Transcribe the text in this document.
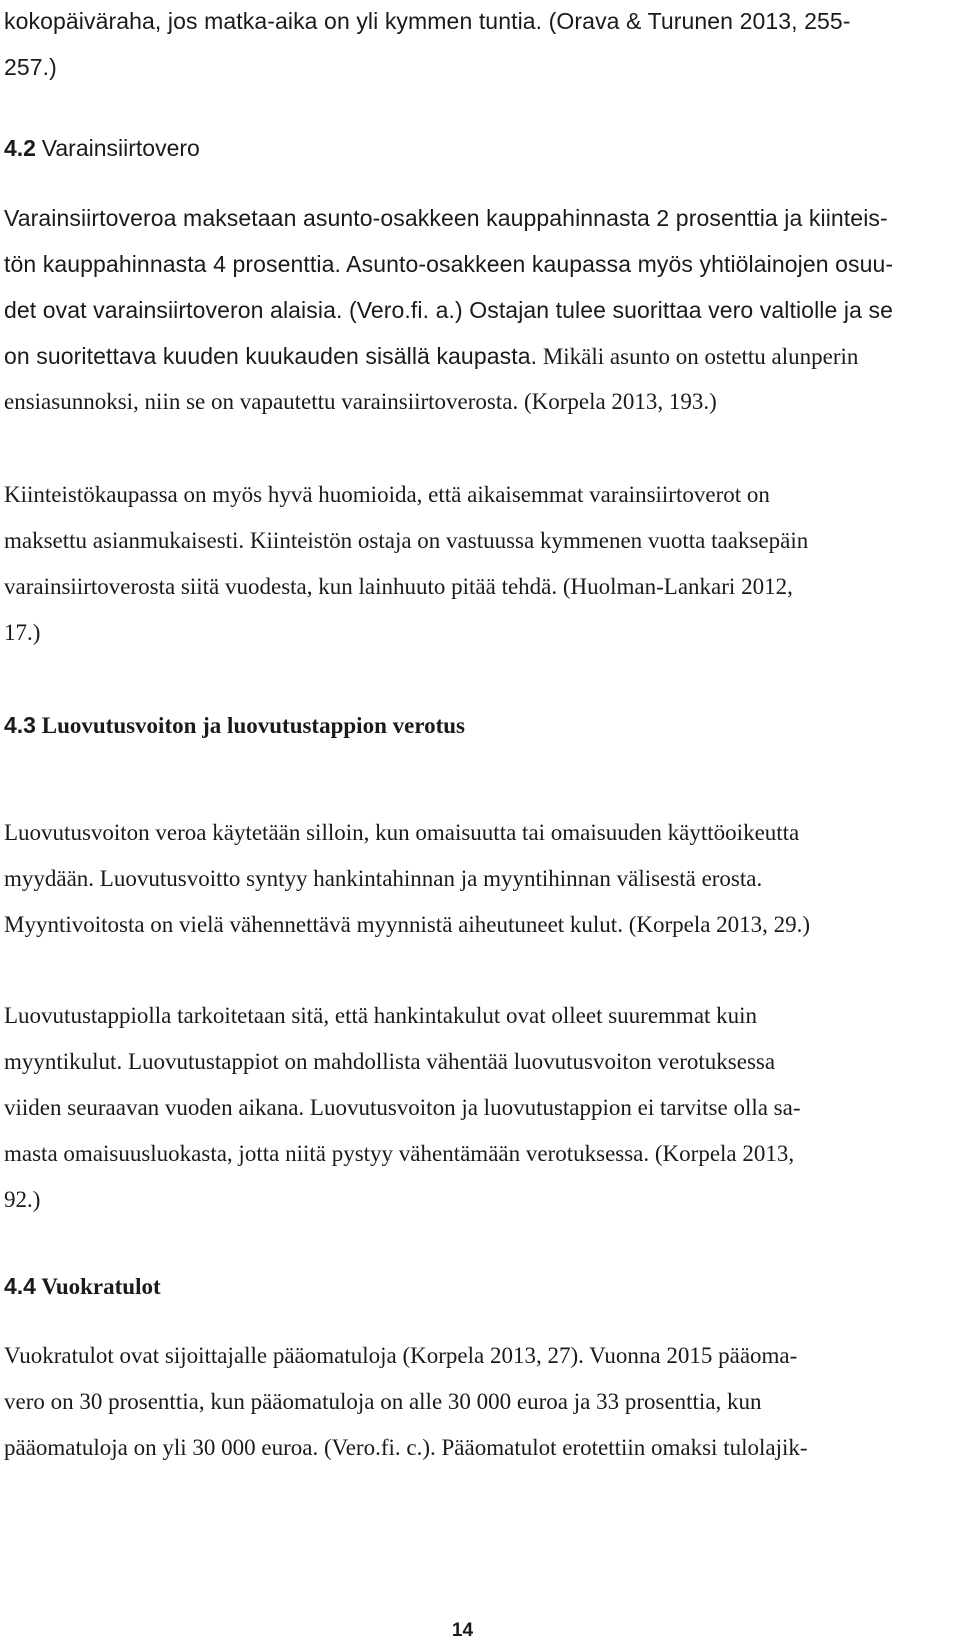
kokopäiväraha, jos matka-aika on yli kymmen tuntia. (Orava & Turunen 2013, 255-

257.)

4.2 Varainsiirtovero

Varainsiirtoveroa maksetaan asunto-osakkeen kauppahinnasta 2 prosenttia ja kiinteis-

tön kauppahinnasta 4 prosenttia. Asunto-osakkeen kaupassa myös yhtiölainojen osuu-

det ovat varainsiirtoveron alaisia. (Vero.fi. a.) Ostajan tulee suorittaa vero valtiolle ja se

on suoritettava kuuden kuukauden sisällä kaupasta. Mikäli asunto on ostettu alunperin

ensiasunnoksi, niin se on vapautettu varainsiirtoverosta. (Korpela 2013, 193.)

Kiinteistökaupassa on myös hyvä huomioida, että aikaisemmat varainsiirtoverot on

maksettu asianmukaisesti. Kiinteistön ostaja on vastuussa kymmenen vuotta taaksepäin

varainsiirtoverosta siitä vuodesta, kun lainhuuto pitää tehdä. (Huolman-Lankari 2012,

17.)

4.3 Luovutusvoiton ja luovutustappion verotus

Luovutusvoiton veroa käytetään silloin, kun omaisuutta tai omaisuuden käyttöoikeutta

myydään. Luovutusvoitto syntyy hankintahinnan ja myyntihinnan välisestä erosta.

Myyntivoitosta on vielä vähennettävä myynnistä aiheutuneet kulut. (Korpela 2013, 29.)

Luovutustappiolla tarkoitetaan sitä, että hankintakulut ovat olleet suuremmat kuin

myyntikulut. Luovutustappiot on mahdollista vähentää luovutusvoiton verotuksessa

viiden seuraavan vuoden aikana. Luovutusvoiton ja luovutustappion ei tarvitse olla sa-

masta omaisuusluokasta, jotta niitä pystyy vähentämään verotuksessa. (Korpela 2013,

92.)

4.4 Vuokratulot

Vuokratulot ovat sijoittajalle pääomatuloja (Korpela 2013, 27). Vuonna 2015 pääoma-

vero on 30 prosenttia, kun pääomatuloja on alle 30 000 euroa ja 33 prosenttia, kun

pääomatuloja on yli 30 000 euroa. (Vero.fi. c.). Pääomatulot erotettiin omaksi tulolajik-

14
